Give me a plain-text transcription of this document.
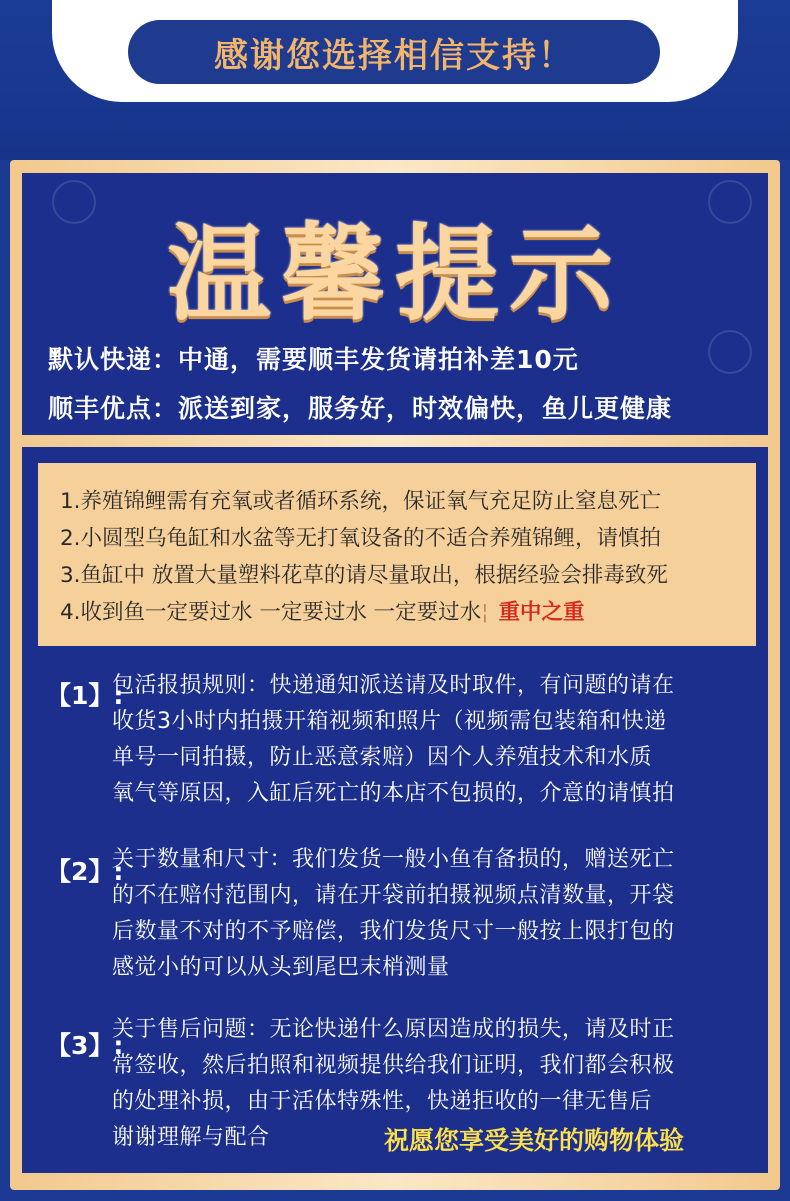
感谢您选择相信支持！
温馨提示
默认快递：中通，需要顺丰发货请拍补差10元
顺丰优点：派送到家，服务好，时效偏快，鱼儿更健康
1.养殖锦鲤需有充氧或者循环系统，保证氧气充足防止窒息死亡
2.小圆型乌龟缸和水盆等无打氧设备的不适合养殖锦鲤，请慎拍
3.鱼缸中 放置大量塑料花草的请尽量取出，根据经验会排毒致死
4.收到鱼一定要过水 一定要过水 一定要过水¦ 重中之重
【1】:
包活报损规则：快递通知派送请及时取件，有问题的请在
收货3小时内拍摄开箱视频和照片（视频需包装箱和快递
单号一同拍摄，防止恶意索赔）因个人养殖技术和水质
氧气等原因，入缸后死亡的本店不包损的，介意的请慎拍
【2】:
关于数量和尺寸：我们发货一般小鱼有备损的，赠送死亡
的不在赔付范围内，请在开袋前拍摄视频点清数量，开袋
后数量不对的不予赔偿，我们发货尺寸一般按上限打包的
感觉小的可以从头到尾巴末梢测量
【3】:
关于售后问题：无论快递什么原因造成的损失，请及时正
常签收，然后拍照和视频提供给我们证明，我们都会积极
的处理补损，由于活体特殊性，快递拒收的一律无售后
谢谢理解与配合	祝愿您享受美好的购物体验
